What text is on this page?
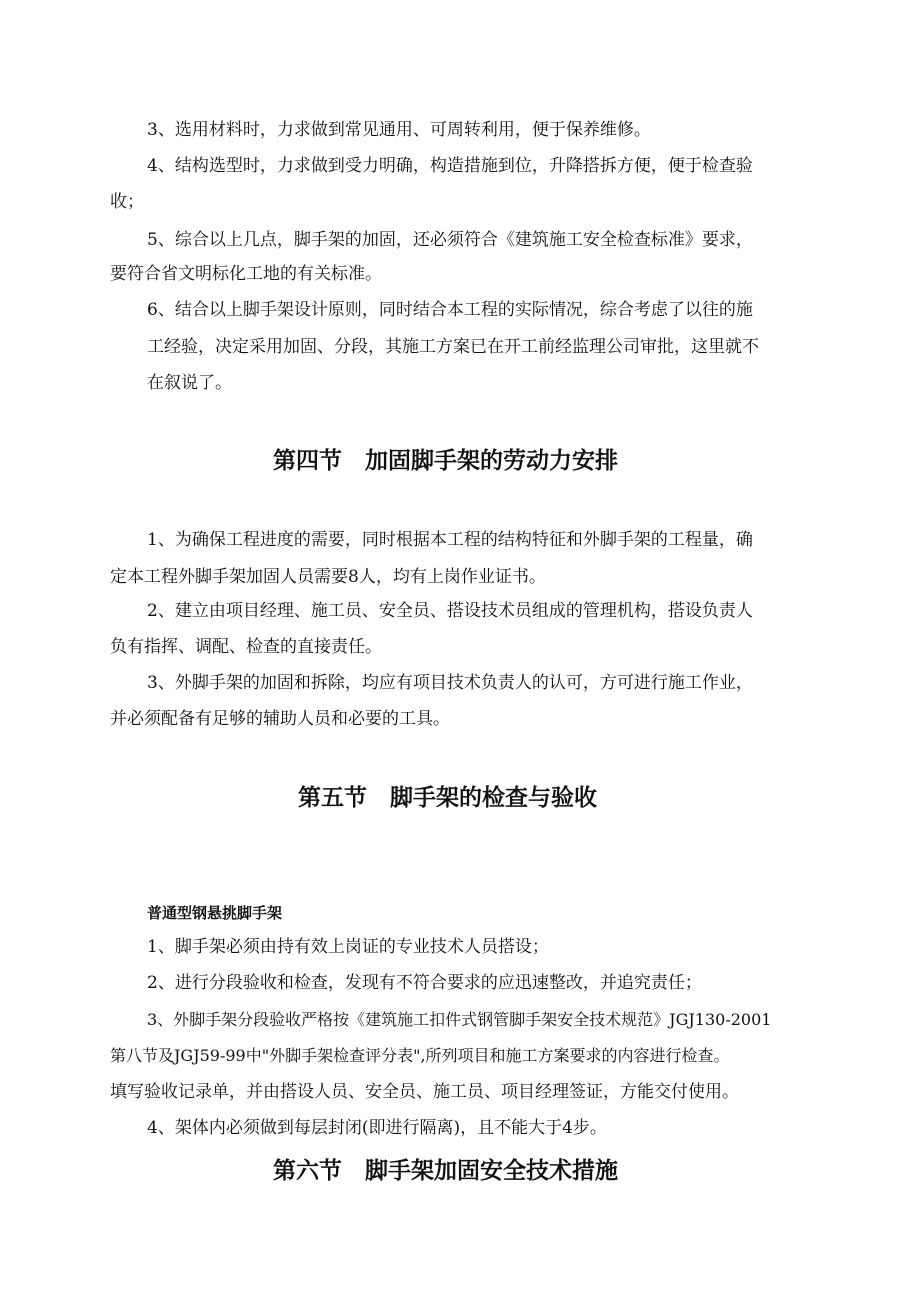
3、选用材料时，力求做到常见通用、可周转利用，便于保养维修。
4、结构选型时，力求做到受力明确，构造措施到位，升降搭拆方便，便于检查验
收；
5、综合以上几点，脚手架的加固，还必须符合《建筑施工安全检查标准》要求，
要符合省文明标化工地的有关标准。
6、结合以上脚手架设计原则，同时结合本工程的实际情况，综合考虑了以往的施
工经验，决定采用加固、分段，其施工方案已在开工前经监理公司审批，这里就不
在叙说了。
第四节　加固脚手架的劳动力安排
1、为确保工程进度的需要，同时根据本工程的结构特征和外脚手架的工程量，确
定本工程外脚手架加固人员需要8人，均有上岗作业证书。
2、建立由项目经理、施工员、安全员、搭设技术员组成的管理机构，搭设负责人
负有指挥、调配、检查的直接责任。
3、外脚手架的加固和拆除，均应有项目技术负责人的认可，方可进行施工作业，
并必须配备有足够的辅助人员和必要的工具。
第五节　脚手架的检查与验收
普通型钢悬挑脚手架
1、脚手架必须由持有效上岗证的专业技术人员搭设；
2、进行分段验收和检查，发现有不符合要求的应迅速整改，并追究责任；
3、外脚手架分段验收严格按《建筑施工扣件式钢管脚手架安全技术规范》JGJ130-2001
第八节及JGJ59-99中"外脚手架检查评分表",所列项目和施工方案要求的内容进行检查。
填写验收记录单，并由搭设人员、安全员、施工员、项目经理签证，方能交付使用。
4、架体内必须做到每层封闭(即进行隔离)，且不能大于4步。
第六节　脚手架加固安全技术措施
